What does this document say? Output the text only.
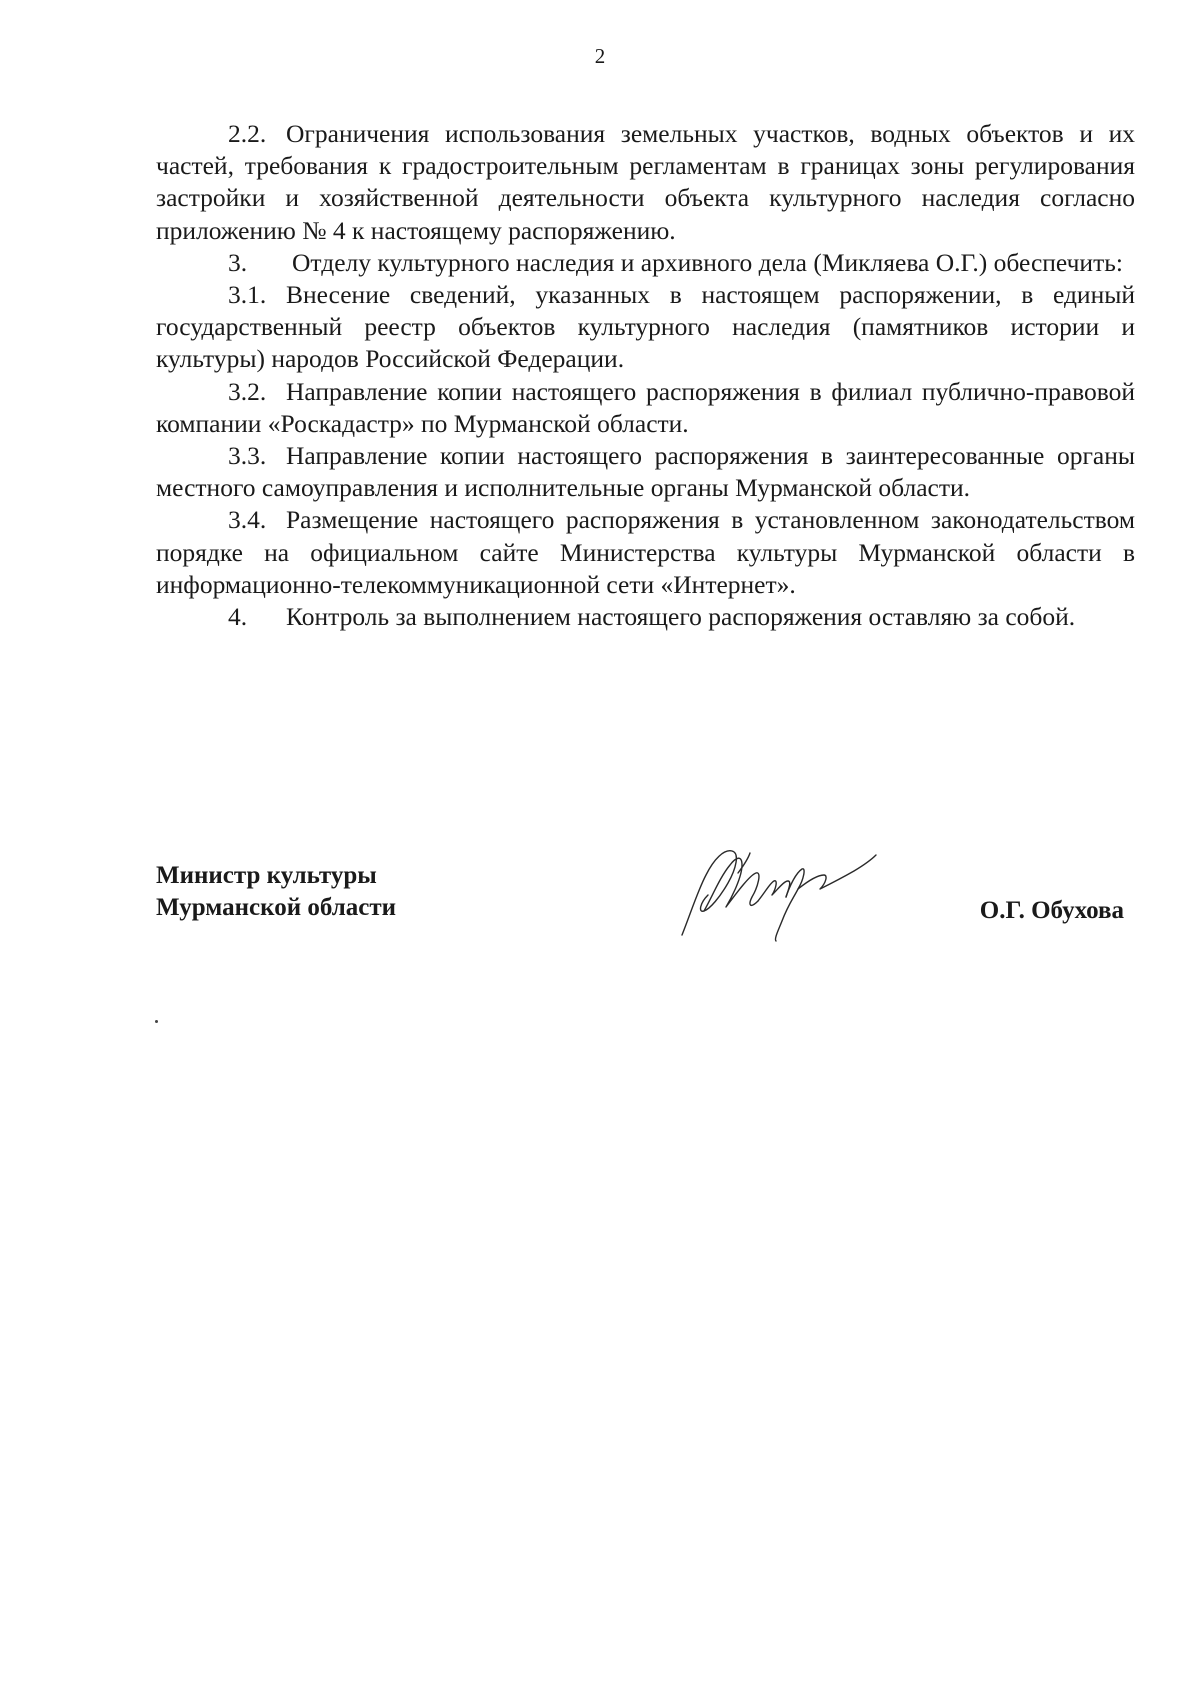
2

2.2. Ограничения использования земельных участков, водных объектов и их частей, требования к градостроительным регламентам в границах зоны регулирования застройки и хозяйственной деятельности объекта культурного наследия согласно приложению № 4 к настоящему распоряжению.

3. Отделу культурного наследия и архивного дела (Микляева О.Г.) обеспечить:

3.1. Внесение сведений, указанных в настоящем распоряжении, в единый государственный реестр объектов культурного наследия (памятников истории и культуры) народов Российской Федерации.

3.2. Направление копии настоящего распоряжения в филиал публично-правовой компании «Роскадастр» по Мурманской области.

3.3. Направление копии настоящего распоряжения в заинтересованные органы местного самоуправления и исполнительные органы Мурманской области.

3.4. Размещение настоящего распоряжения в установленном законодательством порядке на официальном сайте Министерства культуры Мурманской области в информационно-телекоммуникационной сети «Интернет».

4. Контроль за выполнением настоящего распоряжения оставляю за собой.

Министр культуры
Мурманской области	О.Г. Обухова
